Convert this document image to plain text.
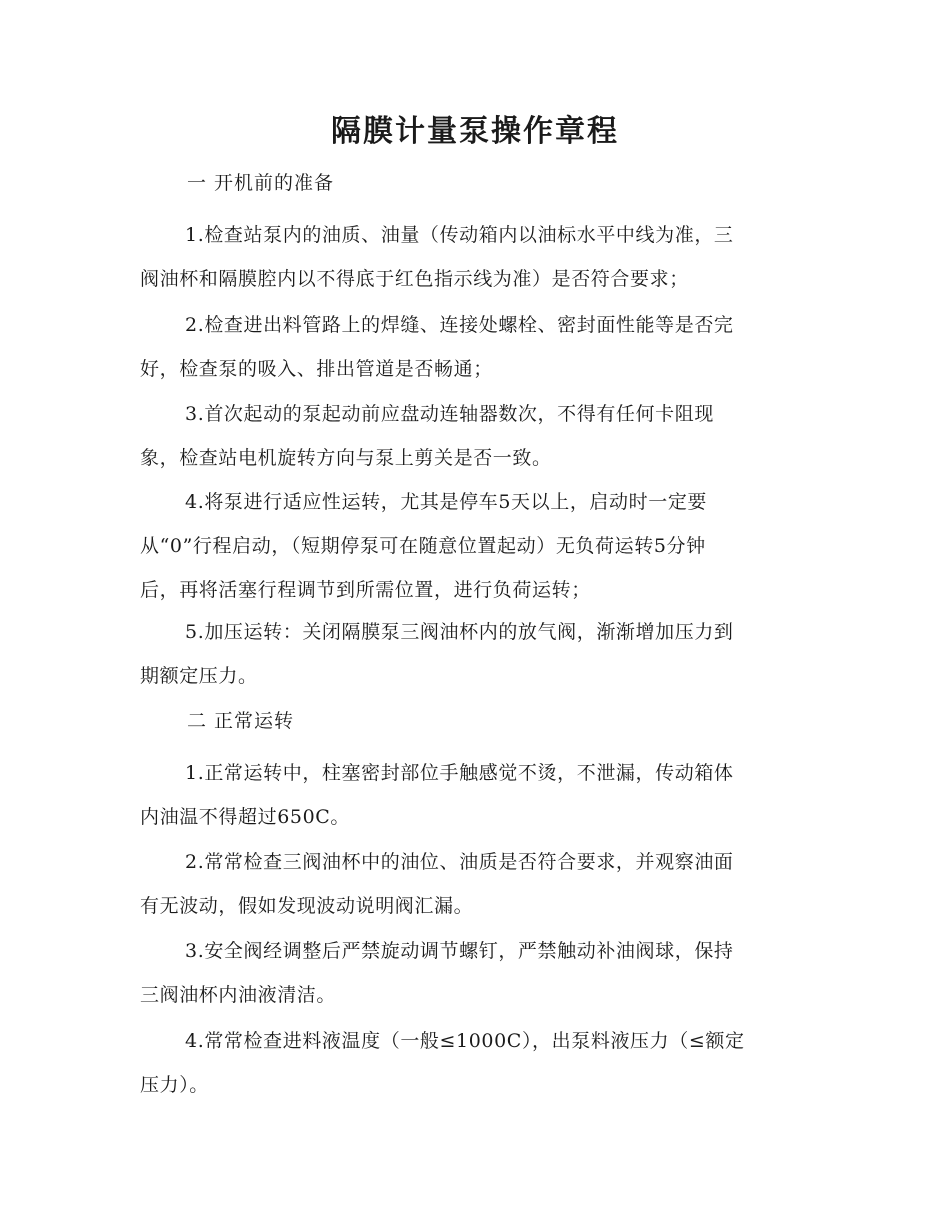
隔膜计量泵操作章程
一 开机前的准备
1.检查站泵内的油质、油量（传动箱内以油标水平中线为准，三
阀油杯和隔膜腔内以不得底于红色指示线为准）是否符合要求；
2.检查进出料管路上的焊缝、连接处螺栓、密封面性能等是否完
好，检查泵的吸入、排出管道是否畅通；
3.首次起动的泵起动前应盘动连轴器数次，不得有任何卡阻现
象，检查站电机旋转方向与泵上剪关是否一致。
4.将泵进行适应性运转，尤其是停车5天以上，启动时一定要
从“0”行程启动，（短期停泵可在随意位置起动）无负荷运转5分钟
后，再将活塞行程调节到所需位置，进行负荷运转；
5.加压运转：关闭隔膜泵三阀油杯内的放气阀，渐渐增加压力到
期额定压力。
二 正常运转
1.正常运转中，柱塞密封部位手触感觉不烫，不泄漏，传动箱体
内油温不得超过650C。
2.常常检查三阀油杯中的油位、油质是否符合要求，并观察油面
有无波动，假如发现波动说明阀汇漏。
3.安全阀经调整后严禁旋动调节螺钉，严禁触动补油阀球，保持
三阀油杯内油液清洁。
4.常常检查进料液温度（一般≤1000C），出泵料液压力（≤额定
压力）。
